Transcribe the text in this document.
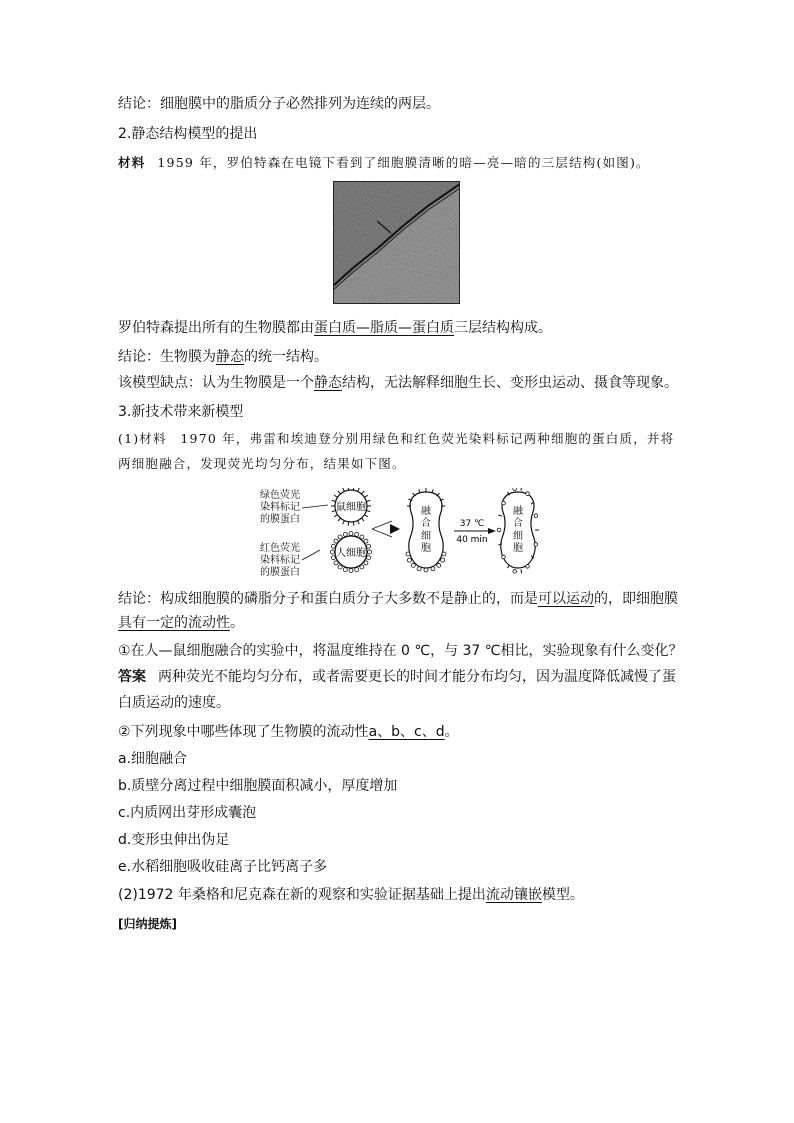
结论：细胞膜中的脂质分子必然排列为连续的两层。
2.静态结构模型的提出
材料 1959 年，罗伯特森在电镜下看到了细胞膜清晰的暗—亮—暗的三层结构(如图)。
罗伯特森提出所有的生物膜都由蛋白质—脂质—蛋白质三层结构构成。
结论：生物膜为静态的统一结构。
该模型缺点：认为生物膜是一个静态结构，无法解释细胞生长、变形虫运动、摄食等现象。
3.新技术带来新模型
(1)材料　1970 年，弗雷和埃迪登分别用绿色和红色荧光染料标记两种细胞的蛋白质，并将
两细胞融合，发现荧光均匀分布，结果如下图。
绿色荧光
染料标记
的膜蛋白
红色荧光
染料标记
的膜蛋白
鼠细胞
人细胞
融
合
细
胞
37 ℃
40 min
融
合
细
胞
结论：构成细胞膜的磷脂分子和蛋白质分子大多数不是静止的，而是可以运动的，即细胞膜
具有一定的流动性。
①在人—鼠细胞融合的实验中，将温度维持在 0 ℃，与 37 ℃相比，实验现象有什么变化？
答案 两种荧光不能均匀分布，或者需要更长的时间才能分布均匀，因为温度降低减慢了蛋
白质运动的速度。
②下列现象中哪些体现了生物膜的流动性a、b、c、d。
a.细胞融合
b.质壁分离过程中细胞膜面积减小，厚度增加
c.内质网出芽形成囊泡
d.变形虫伸出伪足
e.水稻细胞吸收硅离子比钙离子多
(2)1972 年桑格和尼克森在新的观察和实验证据基础上提出流动镶嵌模型。
[归纳提炼]
